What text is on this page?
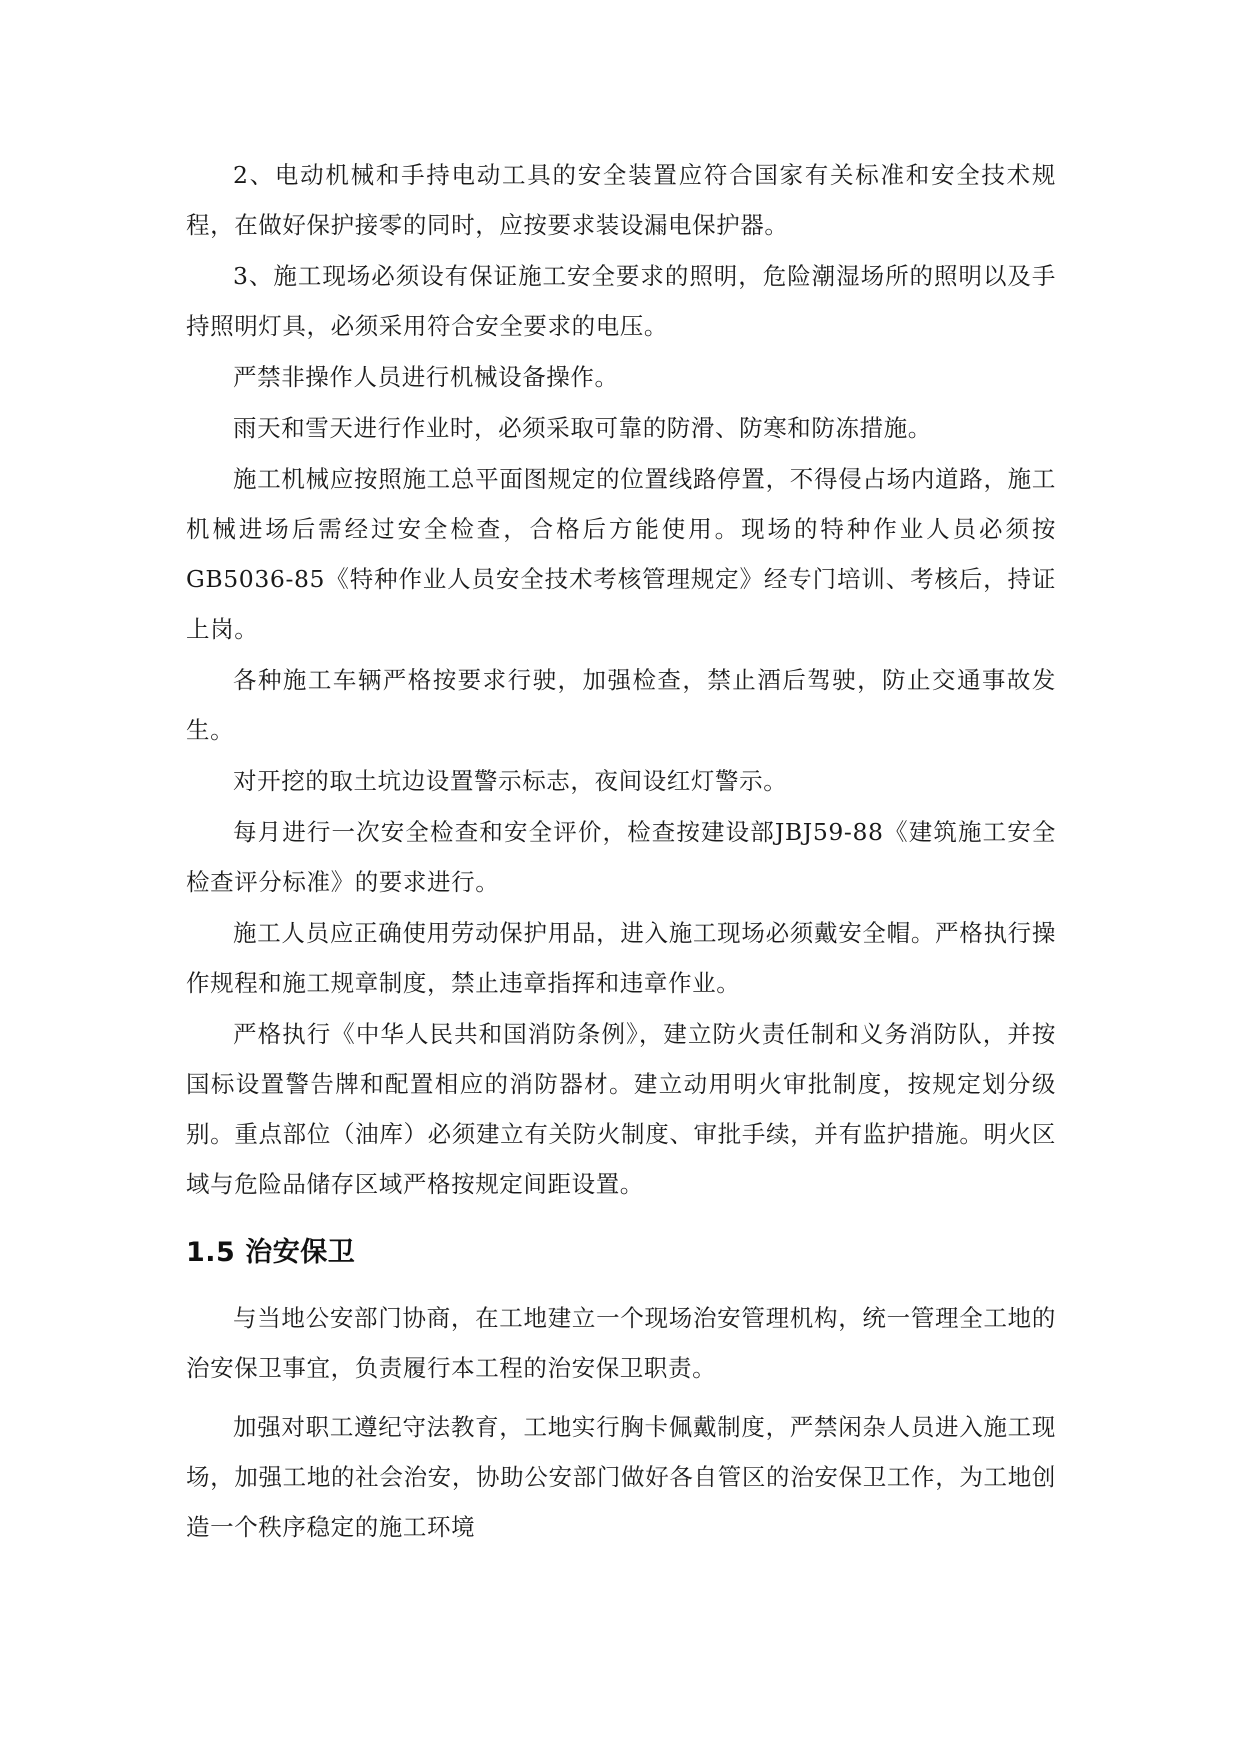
2、电动机械和手持电动工具的安全装置应符合国家有关标准和安全技术规程，在做好保护接零的同时，应按要求装设漏电保护器。

3、施工现场必须设有保证施工安全要求的照明，危险潮湿场所的照明以及手持照明灯具，必须采用符合安全要求的电压。

严禁非操作人员进行机械设备操作。

雨天和雪天进行作业时，必须采取可靠的防滑、防寒和防冻措施。

施工机械应按照施工总平面图规定的位置线路停置，不得侵占场内道路，施工机械进场后需经过安全检查，合格后方能使用。现场的特种作业人员必须按GB5036-85《特种作业人员安全技术考核管理规定》经专门培训、考核后，持证上岗。

各种施工车辆严格按要求行驶，加强检查，禁止酒后驾驶，防止交通事故发生。

对开挖的取土坑边设置警示标志，夜间设红灯警示。

每月进行一次安全检查和安全评价，检查按建设部JBJ59-88《建筑施工安全检查评分标准》的要求进行。

施工人员应正确使用劳动保护用品，进入施工现场必须戴安全帽。严格执行操作规程和施工规章制度，禁止违章指挥和违章作业。

严格执行《中华人民共和国消防条例》，建立防火责任制和义务消防队，并按国标设置警告牌和配置相应的消防器材。建立动用明火审批制度，按规定划分级别。重点部位（油库）必须建立有关防火制度、审批手续，并有监护措施。明火区域与危险品储存区域严格按规定间距设置。

1.5 治安保卫

与当地公安部门协商，在工地建立一个现场治安管理机构，统一管理全工地的治安保卫事宜，负责履行本工程的治安保卫职责。

加强对职工遵纪守法教育，工地实行胸卡佩戴制度，严禁闲杂人员进入施工现场，加强工地的社会治安，协助公安部门做好各自管区的治安保卫工作，为工地创造一个秩序稳定的施工环境
